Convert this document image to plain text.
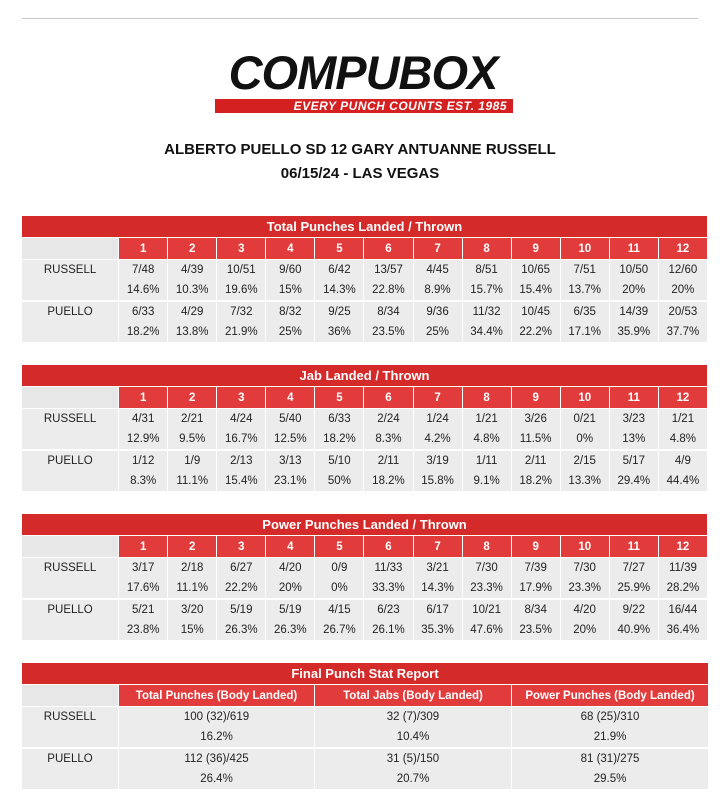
COMPUBOX
EVERY PUNCH COUNTS EST. 1985
ALBERTO PUELLO SD 12 GARY ANTUANNE RUSSELL
06/15/24 - LAS VEGAS
Total Punches Landed / Thrown												
	1	2	3	4	5	6	7	8	9	10	11	12
RUSSELL	7/48	4/39	10/51	9/60	6/42	13/57	4/45	8/51	10/65	7/51	10/50	12/60
	14.6%	10.3%	19.6%	15%	14.3%	22.8%	8.9%	15.7%	15.4%	13.7%	20%	20%
PUELLO	6/33	4/29	7/32	8/32	9/25	8/34	9/36	11/32	10/45	6/35	14/39	20/53
	18.2%	13.8%	21.9%	25%	36%	23.5%	25%	34.4%	22.2%	17.1%	35.9%	37.7%
Jab Landed / Thrown												
	1	2	3	4	5	6	7	8	9	10	11	12
RUSSELL	4/31	2/21	4/24	5/40	6/33	2/24	1/24	1/21	3/26	0/21	3/23	1/21
	12.9%	9.5%	16.7%	12.5%	18.2%	8.3%	4.2%	4.8%	11.5%	0%	13%	4.8%
PUELLO	1/12	1/9	2/13	3/13	5/10	2/11	3/19	1/11	2/11	2/15	5/17	4/9
	8.3%	11.1%	15.4%	23.1%	50%	18.2%	15.8%	9.1%	18.2%	13.3%	29.4%	44.4%
Power Punches Landed / Thrown												
	1	2	3	4	5	6	7	8	9	10	11	12
RUSSELL	3/17	2/18	6/27	4/20	0/9	11/33	3/21	7/30	7/39	7/30	7/27	11/39
	17.6%	11.1%	22.2%	20%	0%	33.3%	14.3%	23.3%	17.9%	23.3%	25.9%	28.2%
PUELLO	5/21	3/20	5/19	5/19	4/15	6/23	6/17	10/21	8/34	4/20	9/22	16/44
	23.8%	15%	26.3%	26.3%	26.7%	26.1%	35.3%	47.6%	23.5%	20%	40.9%	36.4%
Final Punch Stat Report			
	Total Punches (Body Landed)	Total Jabs (Body Landed)	Power Punches (Body Landed)
RUSSELL	100 (32)/619	32 (7)/309	68 (25)/310
	16.2%	10.4%	21.9%
PUELLO	112 (36)/425	31 (5)/150	81 (31)/275
	26.4%	20.7%	29.5%
